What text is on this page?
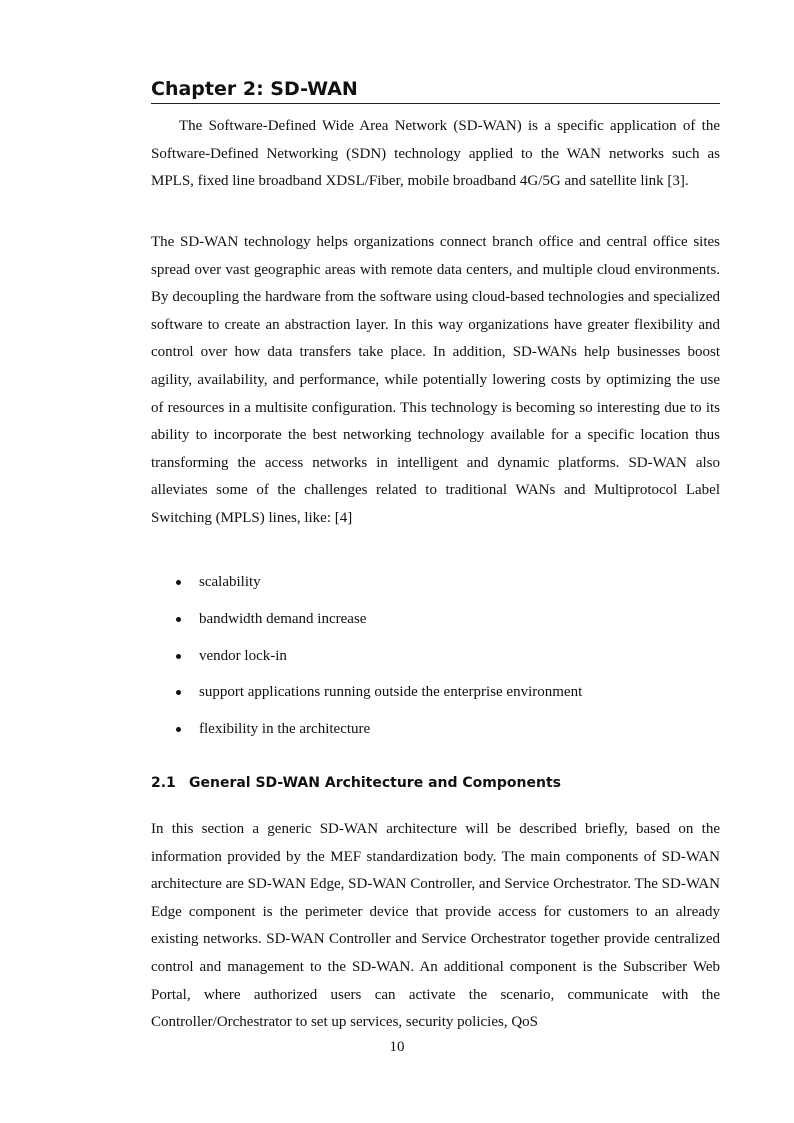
Chapter 2: SD-WAN

The Software-Defined Wide Area Network (SD-WAN) is a specific application of the Software-Defined Networking (SDN) technology applied to the WAN networks such as MPLS, fixed line broadband XDSL/Fiber, mobile broadband 4G/5G and satellite link [3].

The SD-WAN technology helps organizations connect branch office and central office sites spread over vast geographic areas with remote data centers, and multiple cloud environments. By decoupling the hardware from the software using cloud-based technologies and specialized software to create an abstraction layer. In this way organizations have greater flexibility and control over how data transfers take place. In addition, SD-WANs help businesses boost agility, availability, and performance, while potentially lowering costs by optimizing the use of resources in a multisite configuration. This technology is becoming so interesting due to its ability to incorporate the best networking technology available for a specific location thus transforming the access networks in intelligent and dynamic platforms. SD-WAN also alleviates some of the challenges related to traditional WANs and Multiprotocol Label Switching (MPLS) lines, like: [4]

scalability
bandwidth demand increase
vendor lock-in
support applications running outside the enterprise environment
flexibility in the architecture
2.1 General SD-WAN Architecture and Components

In this section a generic SD-WAN architecture will be described briefly, based on the information provided by the MEF standardization body. The main components of SD-WAN architecture are SD-WAN Edge, SD-WAN Controller, and Service Orchestrator. The SD-WAN Edge component is the perimeter device that provide access for customers to an already existing networks. SD-WAN Controller and Service Orchestrator together provide centralized control and management to the SD-WAN. An additional component is the Subscriber Web Portal, where authorized users can activate the scenario, communicate with the Controller/Orchestrator to set up services, security policies, QoS

10
